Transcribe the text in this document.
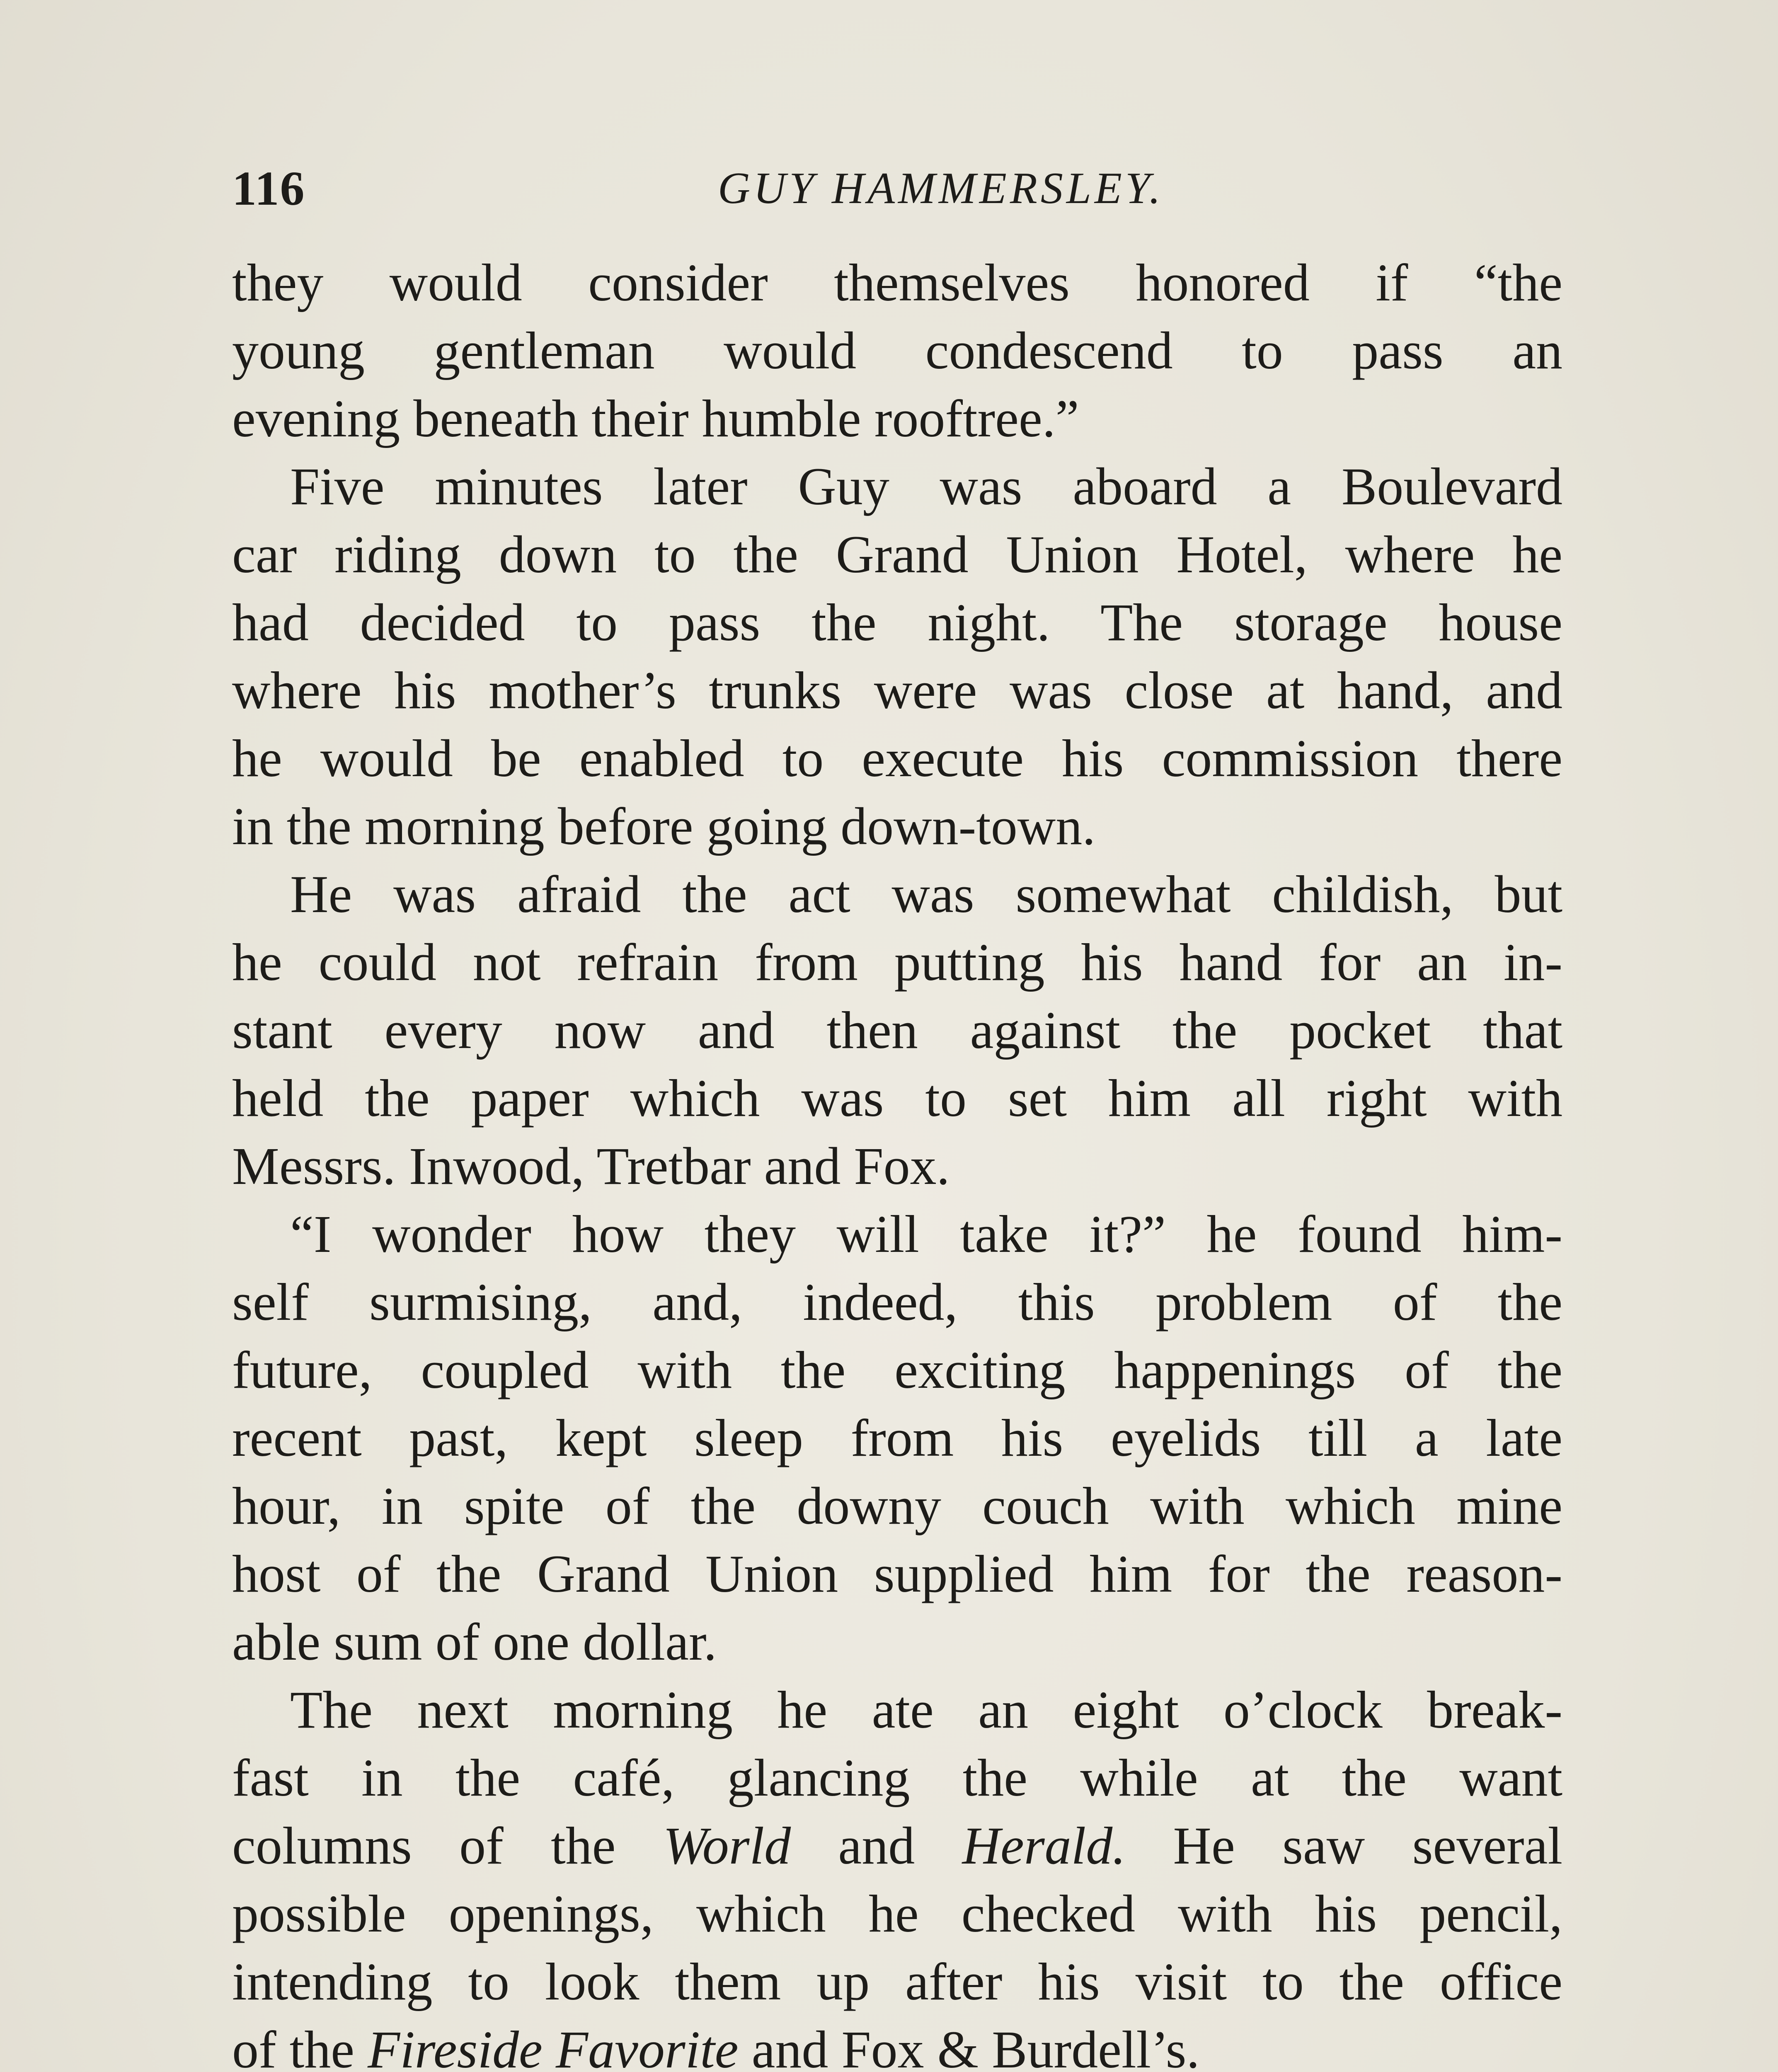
116	GUY HAMMERSLEY.
they would consider themselves honored if “the
young gentleman would condescend to pass an
evening beneath their humble rooftree.”
Five minutes later Guy was aboard a Boulevard
car riding down to the Grand Union Hotel, where he
had decided to pass the night. The storage house
where his mother’s trunks were was close at hand, and
he would be enabled to execute his commission there
in the morning before going down-town.
He was afraid the act was somewhat childish, but
he could not refrain from putting his hand for an in-
stant every now and then against the pocket that
held the paper which was to set him all right with
Messrs. Inwood, Tretbar and Fox.
“I wonder how they will take it?” he found him-
self surmising, and, indeed, this problem of the
future, coupled with the exciting happenings of the
recent past, kept sleep from his eyelids till a late
hour, in spite of the downy couch with which mine
host of the Grand Union supplied him for the reason-
able sum of one dollar.
The next morning he ate an eight o’clock break-
fast in the café, glancing the while at the want
columns of the World and Herald. He saw several
possible openings, which he checked with his pencil,
intending to look them up after his visit to the office
of the Fireside Favorite and Fox & Burdell’s.
